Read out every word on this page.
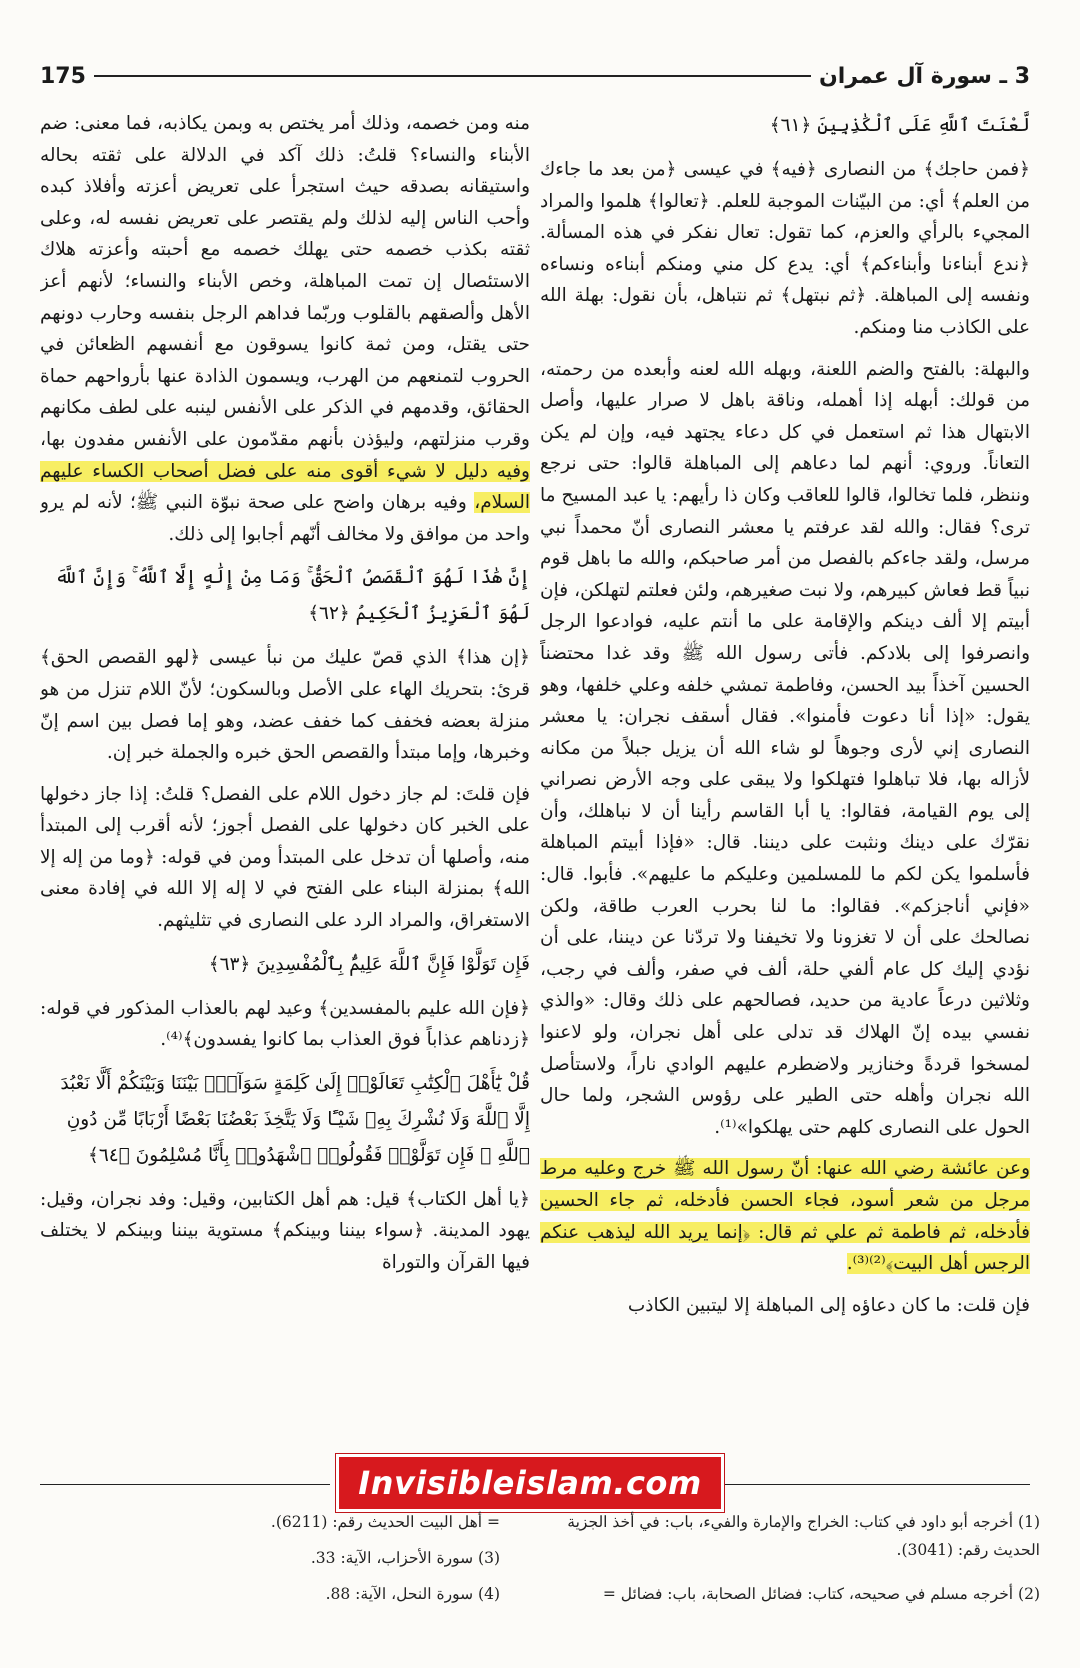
175	3 ـ سورة آل عمران

لَّعْنَتَ ٱللَّهِ عَلَى ٱلْكَٰذِبِينَ ﴿٦١﴾

﴿فمن حاجك﴾ من النصارى ﴿فيه﴾ في عيسى ﴿من بعد ما جاءك من العلم﴾ أي: من البيّنات الموجبة للعلم. ﴿تعالوا﴾ هلموا والمراد المجيء بالرأي والعزم، كما تقول: تعال نفكر في هذه المسألة. ﴿ندع أبناءنا وأبناءكم﴾ أي: يدع كل مني ومنكم أبناءه ونساءه ونفسه إلى المباهلة. ﴿ثم نبتهل﴾ ثم نتباهل، بأن نقول: بهلة الله على الكاذب منا ومنكم.

والبهلة: بالفتح والضم اللعنة، وبهله الله لعنه وأبعده من رحمته، من قولك: أبهله إذا أهمله، وناقة باهل لا صرار عليها، وأصل الابتهال هذا ثم استعمل في كل دعاء يجتهد فيه، وإن لم يكن التعاناً. وروي: أنهم لما دعاهم إلى المباهلة قالوا: حتى نرجع وننظر، فلما تخالوا، قالوا للعاقب وكان ذا رأيهم: يا عبد المسيح ما ترى؟ فقال: والله لقد عرفتم يا معشر النصارى أنّ محمداً نبي مرسل، ولقد جاءكم بالفصل من أمر صاحبكم، والله ما باهل قوم نبياً قط فعاش كبيرهم، ولا نبت صغيرهم، ولئن فعلتم لتهلكن، فإن أبيتم إلا ألف دينكم والإقامة على ما أنتم عليه، فوادعوا الرجل وانصرفوا إلى بلادكم. فأتى رسول الله ﷺ وقد غدا محتضناً الحسين آخذاً بيد الحسن، وفاطمة تمشي خلفه وعلي خلفها، وهو يقول: «إذا أنا دعوت فأمنوا». فقال أسقف نجران: يا معشر النصارى إني لأرى وجوهاً لو شاء الله أن يزيل جبلاً من مكانه لأزاله بها، فلا تباهلوا فتهلكوا ولا يبقى على وجه الأرض نصراني إلى يوم القيامة، فقالوا: يا أبا القاسم رأينا أن لا نباهلك، وأن نقرّك على دينك ونثبت على ديننا. قال: «فإذا أبيتم المباهلة فأسلموا يكن لكم ما للمسلمين وعليكم ما عليهم». فأبوا. قال: «فإني أناجزكم». فقالوا: ما لنا بحرب العرب طاقة، ولكن نصالحك على أن لا تغزونا ولا تخيفنا ولا تردّنا عن ديننا، على أن نؤدي إليك كل عام ألفي حلة، ألف في صفر، وألف في رجب، وثلاثين درعاً عادية من حديد، فصالحهم على ذلك وقال: «والذي نفسي بيده إنّ الهلاك قد تدلى على أهل نجران، ولو لاعنوا لمسخوا قردةً وخنازير ولاضطرم عليهم الوادي ناراً، ولاستأصل الله نجران وأهله حتى الطير على رؤوس الشجر، ولما حال الحول على النصارى كلهم حتى يهلكوا»⁽¹⁾.

وعن عائشة رضي الله عنها: أنّ رسول الله ﷺ خرج وعليه مرط مرجل من شعر أسود، فجاء الحسن فأدخله، ثم جاء الحسين فأدخله، ثم فاطمة ثم علي ثم قال: ﴿إنما يريد الله ليذهب عنكم الرجس أهل البيت﴾⁽²⁾⁽³⁾.

فإن قلت: ما كان دعاؤه إلى المباهلة إلا ليتبين الكاذب

منه ومن خصمه، وذلك أمر يختص به وبمن يكاذبه، فما معنى: ضم الأبناء والنساء؟ قلتُ: ذلك آكد في الدلالة على ثقته بحاله واستيقانه بصدقه حيث استجرأ على تعريض أعزته وأفلاذ كبده وأحب الناس إليه لذلك ولم يقتصر على تعريض نفسه له، وعلى ثقته بكذب خصمه حتى يهلك خصمه مع أحبته وأعزته هلاك الاستئصال إن تمت المباهلة، وخص الأبناء والنساء؛ لأنهم أعز الأهل وألصقهم بالقلوب وربّما فداهم الرجل بنفسه وحارب دونهم حتى يقتل، ومن ثمة كانوا يسوقون مع أنفسهم الظعائن في الحروب لتمنعهم من الهرب، ويسمون الذادة عنها بأرواحهم حماة الحقائق، وقدمهم في الذكر على الأنفس لينبه على لطف مكانهم وقرب منزلتهم، وليؤذن بأنهم مقدّمون على الأنفس مفدون بها، وفيه دليل لا شيء أقوى منه على فضل أصحاب الكساء عليهم السلام، وفيه برهان واضح على صحة نبوّة النبي ﷺ؛ لأنه لم يرو واحد من موافق ولا مخالف أنّهم أجابوا إلى ذلك.

إِنَّ هَٰذَا لَهُوَ ٱلْقَصَصُ ٱلْحَقُّ ۚ وَمَا مِنْ إِلَٰهٍ إِلَّا ٱللَّهُ ۚ وَإِنَّ ٱللَّهَ لَهُوَ ٱلْعَزِيزُ ٱلْحَكِيمُ ﴿٦٢﴾

﴿إن هذا﴾ الذي قصّ عليك من نبأ عيسى ﴿لهو القصص الحق﴾ قرئ: بتحريك الهاء على الأصل وبالسكون؛ لأنّ اللام تنزل من هو منزلة بعضه فخفف كما خفف عضد، وهو إما فصل بين اسم إنّ وخبرها، وإما مبتدأ والقصص الحق خبره والجملة خبر إن.

فإن قلتَ: لم جاز دخول اللام على الفصل؟ قلتُ: إذا جاز دخولها على الخبر كان دخولها على الفصل أجوز؛ لأنه أقرب إلى المبتدأ منه، وأصلها أن تدخل على المبتدأ ومن في قوله: ﴿وما من إله إلا الله﴾ بمنزلة البناء على الفتح في لا إله إلا الله في إفادة معنى الاستغراق، والمراد الرد على النصارى في تثليثهم.

فَإِن تَوَلَّوْا فَإِنَّ ٱللَّهَ عَلِيمٌۢ بِٱلْمُفْسِدِينَ ﴿٦٣﴾

﴿فإن الله عليم بالمفسدين﴾ وعيد لهم بالعذاب المذكور في قوله: ﴿زدناهم عذاباً فوق العذاب بما كانوا يفسدون﴾⁽⁴⁾.

قُلْ يَٰٓأَهْلَ ٱلْكِتَٰبِ تَعَالَوْا۟ إِلَىٰ كَلِمَةٍ سَوَآءٍۭ بَيْنَنَا وَبَيْنَكُمْ أَلَّا نَعْبُدَ إِلَّا ٱللَّهَ وَلَا نُشْرِكَ بِهِۦ شَيْـًٔا وَلَا يَتَّخِذَ بَعْضُنَا بَعْضًا أَرْبَابًا مِّن دُونِ ٱللَّهِ ۚ فَإِن تَوَلَّوْا۟ فَقُولُوا۟ ٱشْهَدُوا۟ بِأَنَّا مُسْلِمُونَ ﴿٦٤﴾

﴿يا أهل الكتاب﴾ قيل: هم أهل الكتابين، وقيل: وفد نجران، وقيل: يهود المدينة. ﴿سواء بيننا وبينكم﴾ مستوية بيننا وبينكم لا يختلف فيها القرآن والتوراة

Invisibleislam.com
(1) أخرجه أبو داود في كتاب: الخراج والإمارة والفيء، باب: في أخذ الجزية الحديث رقم: (3041).
(2) أخرجه مسلم في صحيحه، كتاب: فضائل الصحابة، باب: فضائل =
= أهل البيت الحديث رقم: (6211).
(3) سورة الأحزاب، الآية: 33.
(4) سورة النحل، الآية: 88.
